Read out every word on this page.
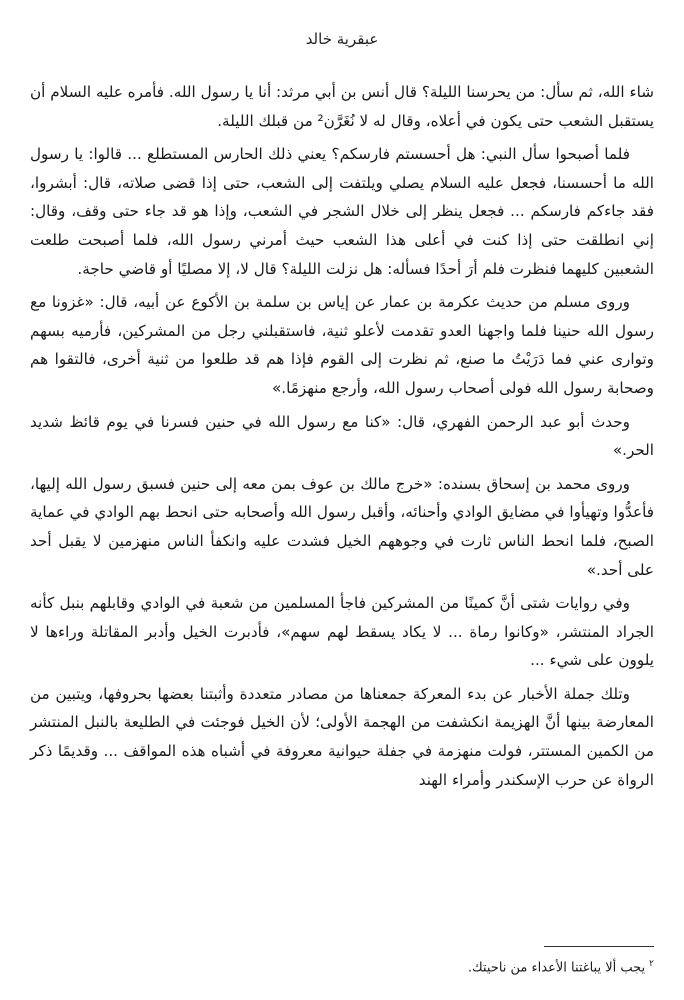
عبقرية خالد

شاء الله، ثم سأل: من يحرسنا الليلة؟ قال أنس بن أبي مرثد: أنا يا رسول الله. فأمره عليه السلام أن يستقبل الشعب حتى يكون في أعلاه، وقال له لا نُغَرَّن² من قبلك الليلة.

فلما أصبحوا سأل النبي: هل أحسستم فارسكم؟ يعني ذلك الحارس المستطلع ... قالوا: يا رسول الله ما أحسسنا، فجعل عليه السلام يصلي ويلتفت إلى الشعب، حتى إذا قضى صلاته، قال: أبشروا، فقد جاءكم فارسكم ... فجعل ينظر إلى خلال الشجر في الشعب، وإذا هو قد جاء حتى وقف، وقال: إني انطلقت حتى إذا كنت في أعلى هذا الشعب حيث أمرني رسول الله، فلما أصبحت طلعت الشعبين كليهما فنظرت فلم أرَ أحدًا فسأله: هل نزلت الليلة؟ قال لا، إلا مصليًا أو قاضي حاجة.

وروى مسلم من حديث عكرمة بن عمار عن إياس بن سلمة بن الأكوع عن أبيه، قال: «غزونا مع رسول الله حنينا فلما واجهنا العدو تقدمت لأعلو ثنية، فاستقبلني رجل من المشركين، فأرميه بسهم وتوارى عني فما دَرَيْتُ ما صنع، ثم نظرت إلى القوم فإذا هم قد طلعوا من ثنية أخرى، فالتقوا هم وصحابة رسول الله فولى أصحاب رسول الله، وأرجع منهزمًا.»

وحدث أبو عبد الرحمن الفهري، قال: «كنا مع رسول الله في حنين فسرنا في يوم قائظ شديد الحر.»

وروى محمد بن إسحاق بسنده: «خرج مالك بن عوف بمن معه إلى حنين فسبق رسول الله إليها، فأعدُّوا وتهيأوا في مضايق الوادي وأحنائه، وأقبل رسول الله وأصحابه حتى انحط بهم الوادي في عماية الصبح، فلما انحط الناس ثارت في وجوههم الخيل فشدت عليه وانكفأ الناس منهزمين لا يقبل أحد على أحد.»

وفي روايات شتى أنَّ كمينًا من المشركين فاجأ المسلمين من شعبة في الوادي وقابلهم بنبل كأنه الجراد المنتشر، «وكانوا رماة ... لا يكاد يسقط لهم سهم»، فأدبرت الخيل وأدبر المقاتلة وراءها لا يلوون على شيء ...

وتلك جملة الأخبار عن بدء المعركة جمعناها من مصادر متعددة وأثبتنا بعضها بحروفها، ويتبين من المعارضة بينها أنَّ الهزيمة انكشفت من الهجمة الأولى؛ لأن الخيل فوجئت في الطليعة بالنبل المنتشر من الكمين المستتر، فولت منهزمة في جفلة حيوانية معروفة في أشباه هذه المواقف ... وقديمًا ذكر الرواة عن حرب الإسكندر وأمراء الهند

$^٢$يجب ألا يباغتنا الأعداء من ناحيتك.
